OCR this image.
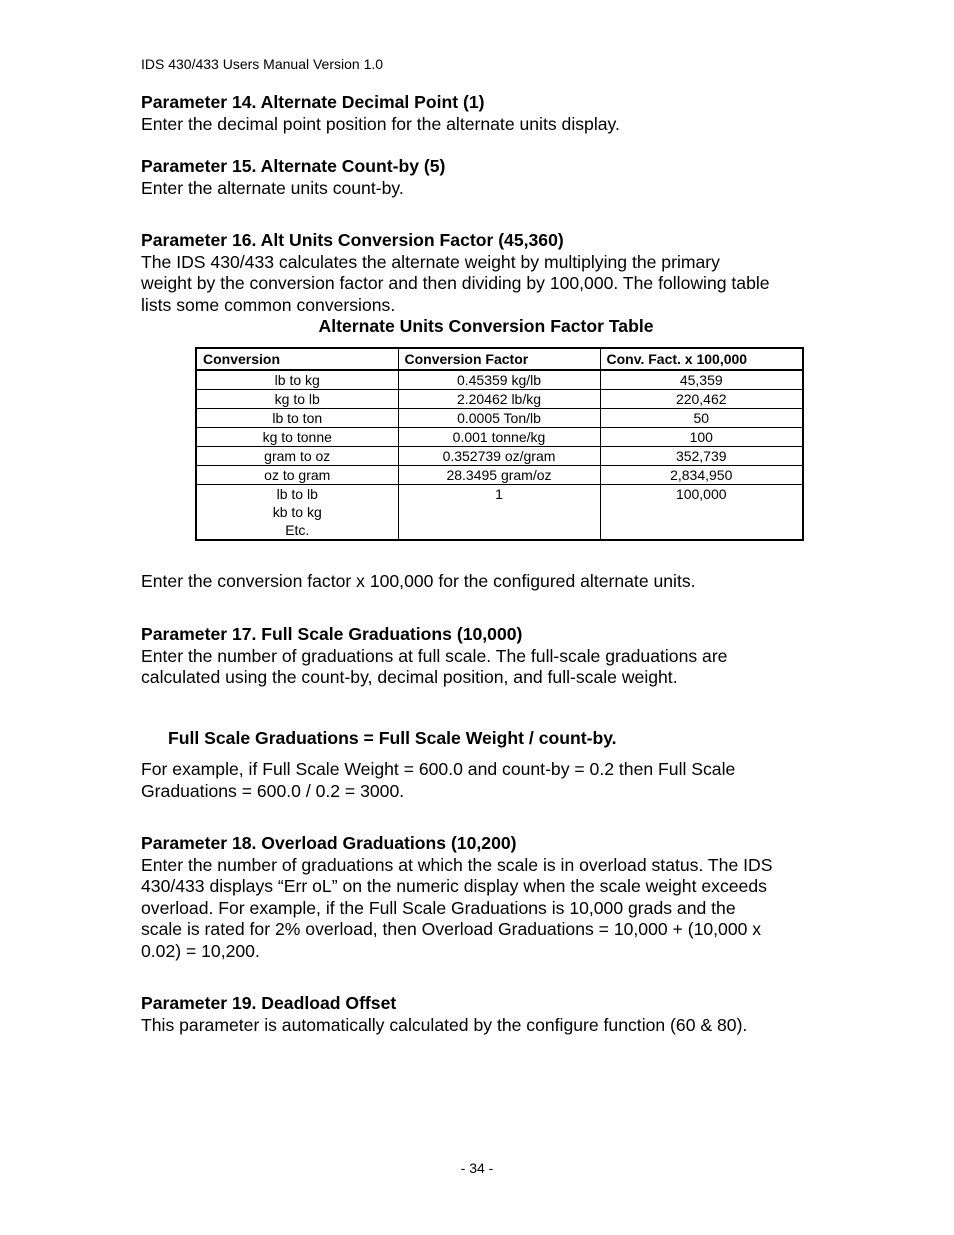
IDS 430/433 Users Manual Version 1.0
Parameter 14. Alternate Decimal Point (1)
Enter the decimal point position for the alternate units display.
Parameter 15. Alternate Count-by (5)
Enter the alternate units count-by.
Parameter 16. Alt Units Conversion Factor (45,360)
The IDS 430/433 calculates the alternate weight by multiplying the primary
weight by the conversion factor and then dividing by 100,000. The following table
lists some common conversions.
Alternate Units Conversion Factor Table
Conversion	Conversion Factor	Conv. Fact. x 100,000
lb to kg	0.45359 kg/lb	45,359
kg to lb	2.20462 lb/kg	220,462
lb to ton	0.0005 Ton/lb	50
kg to tonne	0.001 tonne/kg	100
gram to oz	0.352739 oz/gram	352,739
oz to gram	28.3495 gram/oz	2,834,950

lb to lb
kb to kg
Etc.	1	100,000
Enter the conversion factor x 100,000 for the configured alternate units.
Parameter 17. Full Scale Graduations (10,000)
Enter the number of graduations at full scale. The full-scale graduations are
calculated using the count-by, decimal position, and full-scale weight.
Full Scale Graduations = Full Scale Weight / count-by.
For example, if Full Scale Weight = 600.0 and count-by = 0.2 then Full Scale
Graduations = 600.0 / 0.2 = 3000.
Parameter 18. Overload Graduations (10,200)
Enter the number of graduations at which the scale is in overload status. The IDS
430/433 displays “Err oL” on the numeric display when the scale weight exceeds
overload. For example, if the Full Scale Graduations is 10,000 grads and the
scale is rated for 2% overload, then Overload Graduations = 10,000 + (10,000 x
0.02) = 10,200.
Parameter 19. Deadload Offset
This parameter is automatically calculated by the configure function (60 & 80).
- 34 -
